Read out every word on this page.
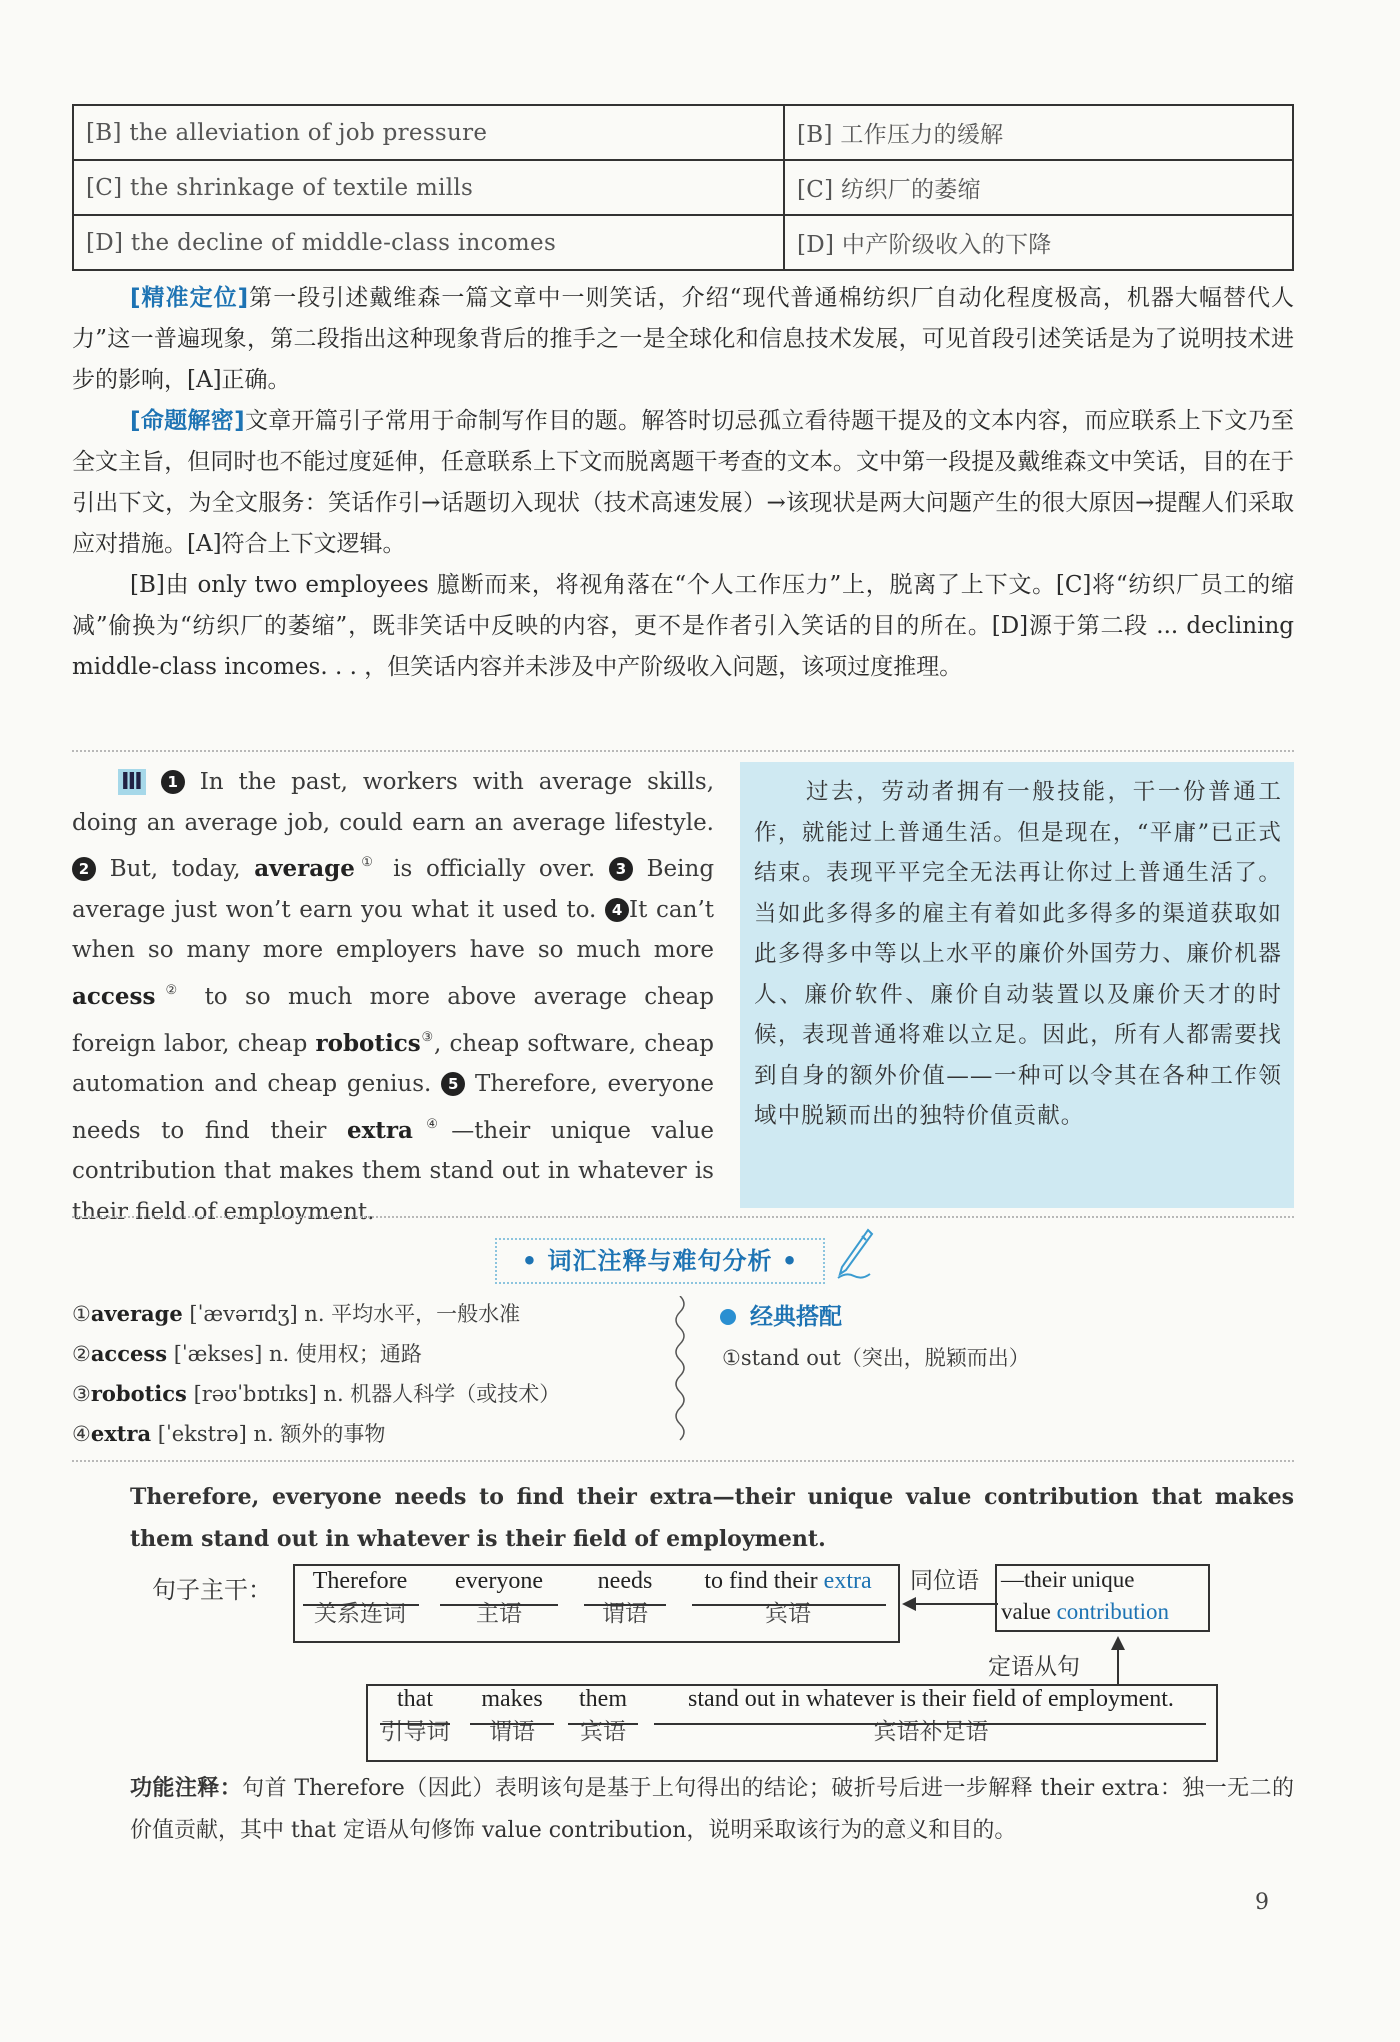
[B] the alleviation of job pressure	[B] 工作压力的缓解
[C] the shrinkage of textile mills	[C] 纺织厂的萎缩
[D] the decline of middle-class incomes	[D] 中产阶级收入的下降
[精准定位]第一段引述戴维森一篇文章中一则笑话，介绍“现代普通棉纺织厂自动化程度极高，机器大幅替代人力”这一普遍现象，第二段指出这种现象背后的推手之一是全球化和信息技术发展，可见首段引述笑话是为了说明技术进步的影响，[A]正确。
[命题解密]文章开篇引子常用于命制写作目的题。解答时切忌孤立看待题干提及的文本内容，而应联系上下文乃至全文主旨，但同时也不能过度延伸，任意联系上下文而脱离题干考查的文本。文中第一段提及戴维森文中笑话，目的在于引出下文，为全文服务：笑话作引→话题切入现状（技术高速发展）→该现状是两大问题产生的很大原因→提醒人们采取应对措施。[A]符合上下文逻辑。
[B]由 only two employees 臆断而来，将视角落在“个人工作压力”上，脱离了上下文。[C]将“纺织厂员工的缩减”偷换为“纺织厂的萎缩”，既非笑话中反映的内容，更不是作者引入笑话的目的所在。[D]源于第二段 ... declining middle-class incomes. . . ，但笑话内容并未涉及中产阶级收入问题，该项过度推理。
Ⅲ 1 In the past, workers with average skills, doing an average job, could earn an average lifestyle. 2 But, today, average① is officially over. 3 Being average just won’t earn you what it used to. 4 It can’t when so many more employers have so much more access② to so much more above average cheap foreign labor, cheap robotics③, cheap software, cheap automation and cheap genius. 5 Therefore, everyone needs to find their extra④—their unique value contribution that makes them stand out in whatever is their field of employment.
过去，劳动者拥有一般技能，干一份普通工作，就能过上普通生活。但是现在，“平庸”已正式结束。表现平平完全无法再让你过上普通生活了。当如此多得多的雇主有着如此多得多的渠道获取如此多得多中等以上水平的廉价外国劳力、廉价机器人、廉价软件、廉价自动装置以及廉价天才的时候，表现普通将难以立足。因此，所有人都需要找到自身的额外价值——一种可以令其在各种工作领域中脱颖而出的独特价值贡献。
• 词汇注释与难句分析 •
①average [ˈævərɪdʒ] n. 平均水平，一般水准
②access [ˈækses] n. 使用权；通路
③robotics [rəʊˈbɒtɪks] n. 机器人科学（或技术）
④extra [ˈekstrə] n. 额外的事物
经典搭配
①stand out（突出，脱颖而出）
Therefore, everyone needs to find their extra—their unique value contribution that makes them stand out in whatever is their field of employment.
句子主干：	Therefore
关系连词
everyone
主语
needs
谓语
to find their extra
宾语
同位语 —their unique
value contribution
定语从句
that
引导词
makes
谓语
them
宾语
stand out in whatever is their field of employment.
宾语补足语
功能注释：句首 Therefore（因此）表明该句是基于上句得出的结论；破折号后进一步解释 their extra：独一无二的价值贡献，其中 that 定语从句修饰 value contribution，说明采取该行为的意义和目的。
9
